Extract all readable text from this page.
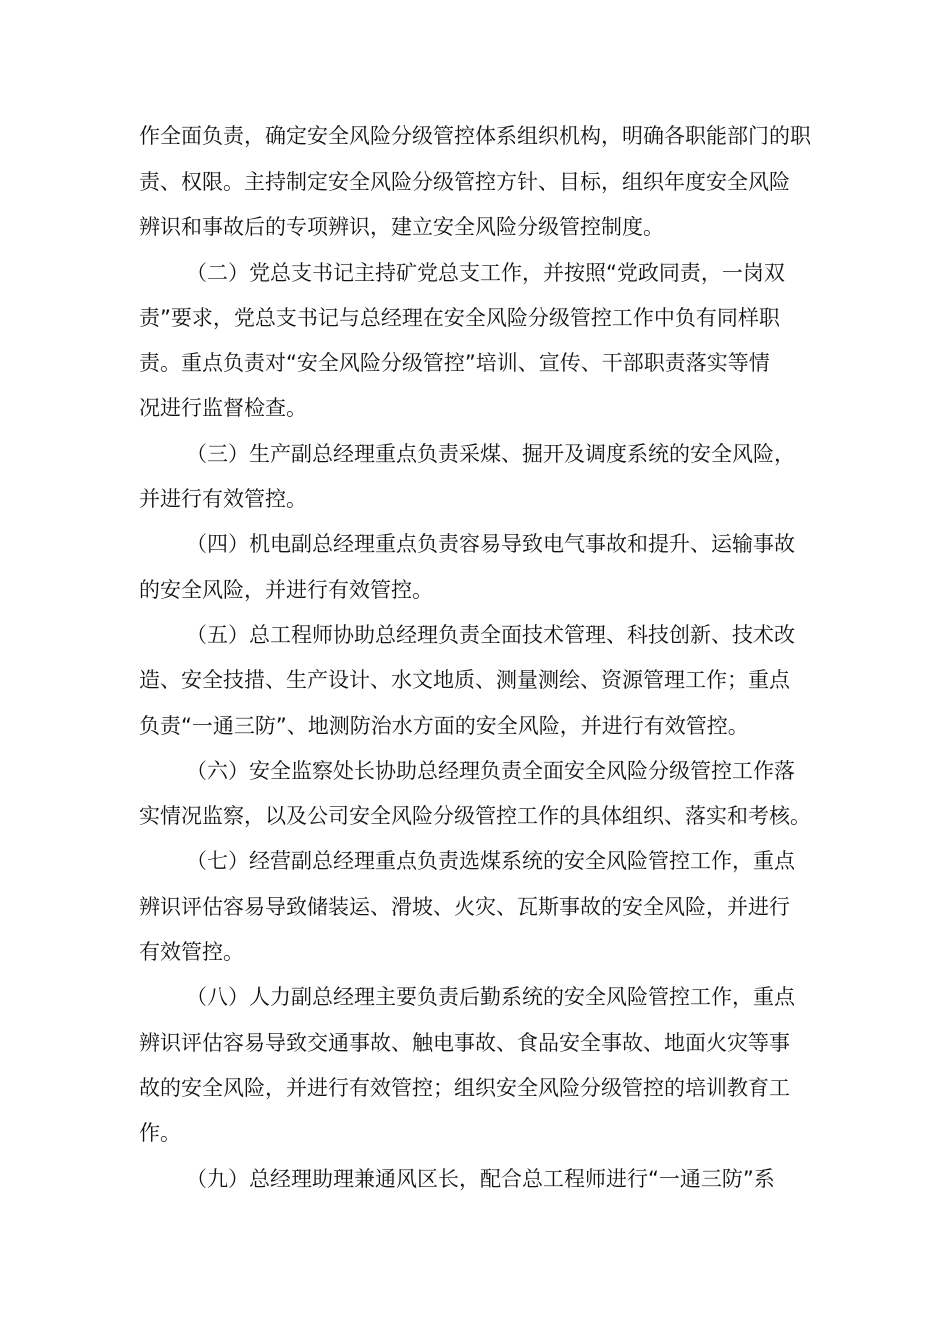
作全面负责，确定安全风险分级管控体系组织机构，明确各职能部门的职
责、权限。主持制定安全风险分级管控方针、目标，组织年度安全风险
辨识和事故后的专项辨识，建立安全风险分级管控制度。
（二）党总支书记主持矿党总支工作，并按照“党政同责，一岗双
责”要求，党总支书记与总经理在安全风险分级管控工作中负有同样职
责。重点负责对“安全风险分级管控”培训、宣传、干部职责落实等情
况进行监督检查。
（三）生产副总经理重点负责采煤、掘开及调度系统的安全风险，
并进行有效管控。
（四）机电副总经理重点负责容易导致电气事故和提升、运输事故
的安全风险，并进行有效管控。
（五）总工程师协助总经理负责全面技术管理、科技创新、技术改
造、安全技措、生产设计、水文地质、测量测绘、资源管理工作；重点
负责“一通三防”、地测防治水方面的安全风险，并进行有效管控。
（六）安全监察处长协助总经理负责全面安全风险分级管控工作落
实情况监察，以及公司安全风险分级管控工作的具体组织、落实和考核。
（七）经营副总经理重点负责选煤系统的安全风险管控工作，重点
辨识评估容易导致储装运、滑坡、火灾、瓦斯事故的安全风险，并进行
有效管控。
（八）人力副总经理主要负责后勤系统的安全风险管控工作，重点
辨识评估容易导致交通事故、触电事故、食品安全事故、地面火灾等事
故的安全风险，并进行有效管控；组织安全风险分级管控的培训教育工
作。
（九）总经理助理兼通风区长，配合总工程师进行“一通三防”系
